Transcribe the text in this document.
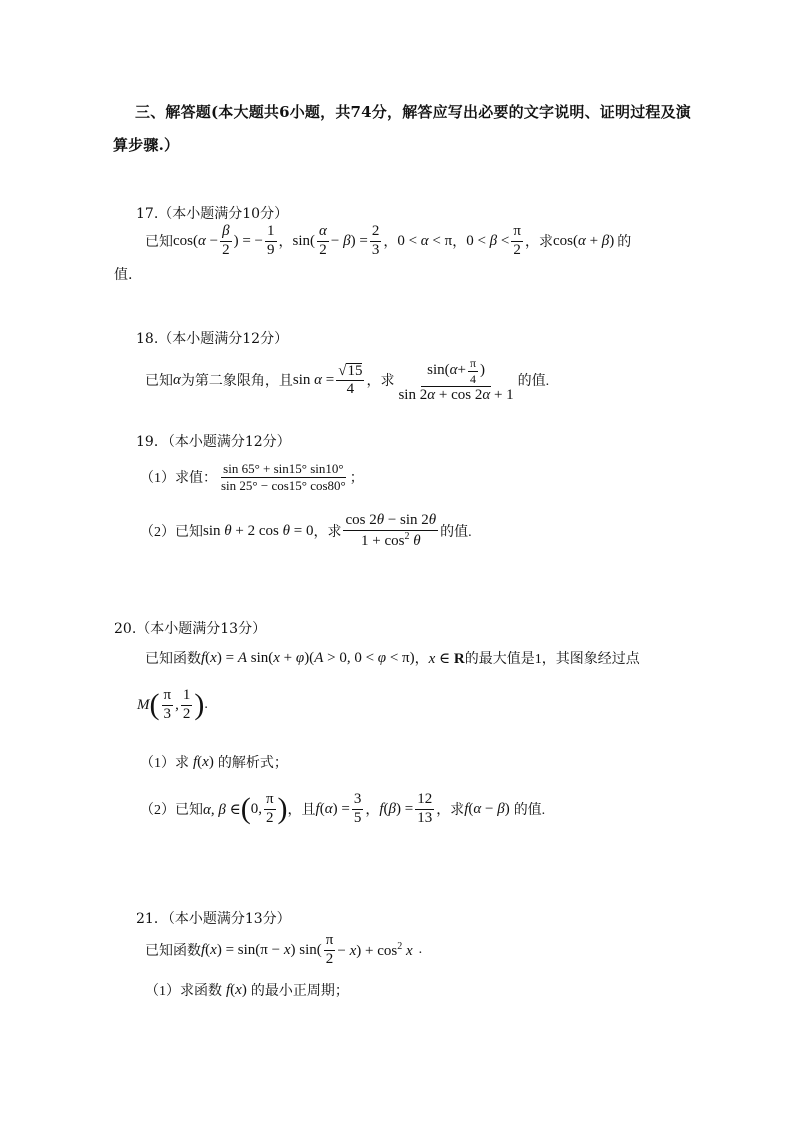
三、解答题(本大题共6小题，共74分，解答应写出必要的文字说明、证明过程及演
算步骤.）
17.（本小题满分10分）
已知 $\cos(\alpha - \frac{\beta}{2}$ ) = − $\frac{1}{9}$ ， $\sin( \frac{\alpha}{2} - \beta) = \frac{2}{3}$ ， 0 < α < π ， $0 < \beta < \frac{\pi}{2}$ ，求 cos(α + β) 的
值.
18.（本小题满分12分）
已知 α 为第二象限角，且 $\sin \alpha = \frac{√15}{4}$ ，求 $\frac{\sin( \alpha + \frac{\pi}{4} )}{\sin 2\alpha + \cos 2\alpha + 1}$ 的值.
19．（本小题满分12分）
（1）求值： $\frac{\sin 65^\circ + \sin 15^\circ \sin 10^\circ}{\sin 25^\circ - \cos 15^\circ \cos 80^\circ}$ ；
（2）已知 sin θ + 2 cos θ = 0 ，求 $\frac{\cos 2\theta - \sin 2\theta}{1 + \cos^2 \theta}$ 的值.
20.（本小题满分13分）
已知函数 f(x) = A sin(x + φ)(A > 0, 0 < φ < π) ， x ∈ R 的最大值是1，其图象经过点
M ( $\frac{\pi}{3}$ , $\frac{1}{2}$ ) .
（1）求 f(x) 的解析式；
（2）已知 α, β ∈ ( 0, $\frac{\pi}{2}$ ) ，且 $f(\alpha) = \frac{3}{5}$ ， $f(\beta) = \frac{12}{13}$ ，求 f(α − β) 的值.
21．（本小题满分13分）
已知函数 f(x) = sin(π − x) $\sin( \frac{\pi}{2} - x) + \cos^2 x$ .
（1）求函数 f(x) 的最小正周期；
